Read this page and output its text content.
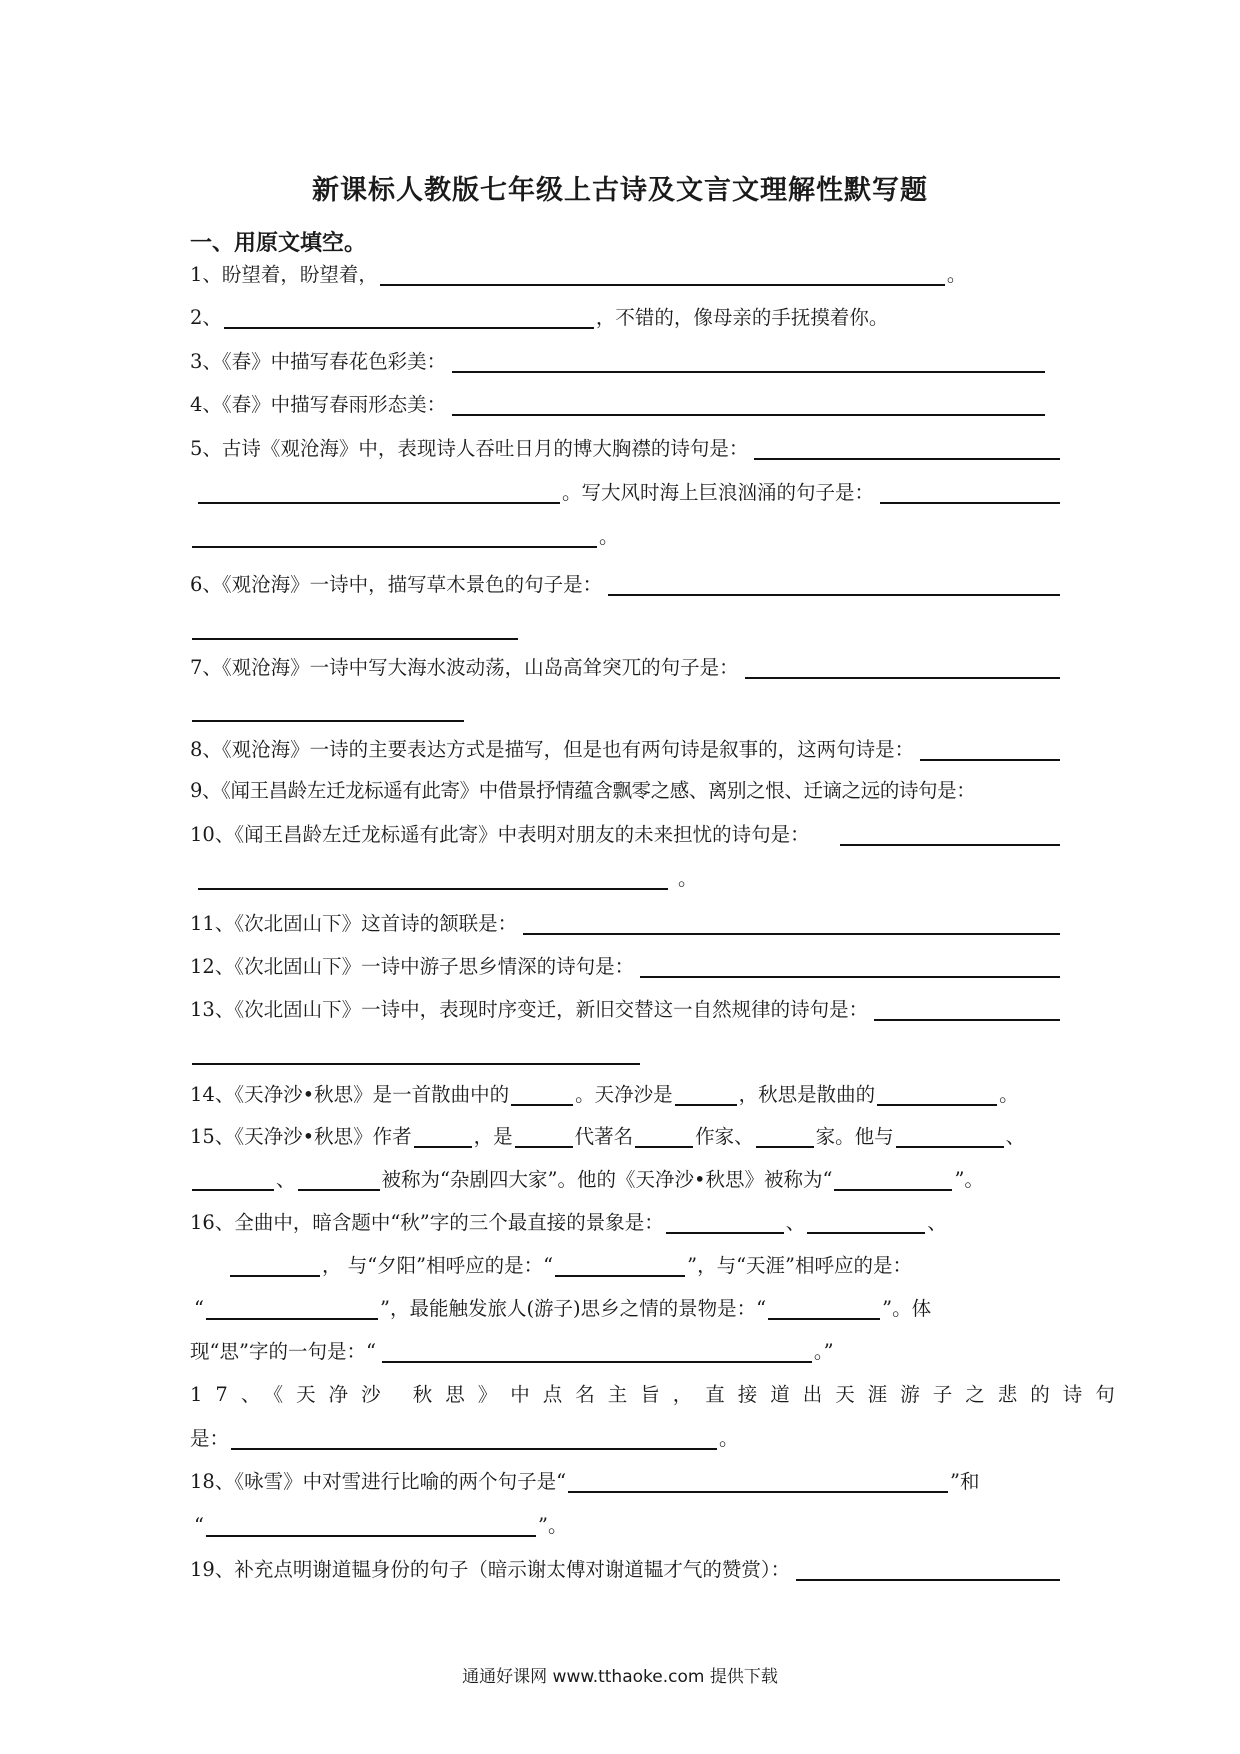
新课标人教版七年级上古诗及文言文理解性默写题
一、用原文填空。
1、盼望着，盼望着，	。
2、	，不错的，像母亲的手抚摸着你。
3、《春》中描写春花色彩美：
4、《春》中描写春雨形态美：
5、古诗《观沧海》中，表现诗人吞吐日月的博大胸襟的诗句是：
。写大风时海上巨浪汹涌的句子是：
。
6、《观沧海》一诗中，描写草木景色的句子是：
7、《观沧海》一诗中写大海水波动荡，山岛高耸突兀的句子是：
8、《观沧海》一诗的主要表达方式是描写，但是也有两句诗是叙事的，这两句诗是：
9、《闻王昌龄左迁龙标遥有此寄》中借景抒情蕴含飘零之感、离别之恨、迁谪之远的诗句是：
10、《闻王昌龄左迁龙标遥有此寄》中表明对朋友的未来担忧的诗句是：
。
11、《次北固山下》这首诗的颔联是：
12、《次北固山下》一诗中游子思乡情深的诗句是：
13、《次北固山下》一诗中，表现时序变迁，新旧交替这一自然规律的诗句是：
14、《天净沙•秋思》是一首散曲中的	。天净沙是	，秋思是散曲的	。
15、《天净沙•秋思》作者	，是	代著名	作家、	家。他与	、
、	被称为“杂剧四大家”。他的《天净沙•秋思》被称为“	”。
16、全曲中，暗含题中“秋”字的三个最直接的景象是：	、	、
， 与“夕阳”相呼应的是：“	”，与“天涯”相呼应的是：
“	”，最能触发旅人(游子)思乡之情的景物是：“	”。体
现“思”字的一句是：“	。”
17、《天净沙 秋思》中点名主旨，直接道出天涯游子之悲的诗句
是：	。
18、《咏雪》中对雪进行比喻的两个句子是“	”和
“	”。
19、补充点明谢道韫身份的句子（暗示谢太傅对谢道韫才气的赞赏）：
通通好课网 www.tthaoke.com 提供下载
